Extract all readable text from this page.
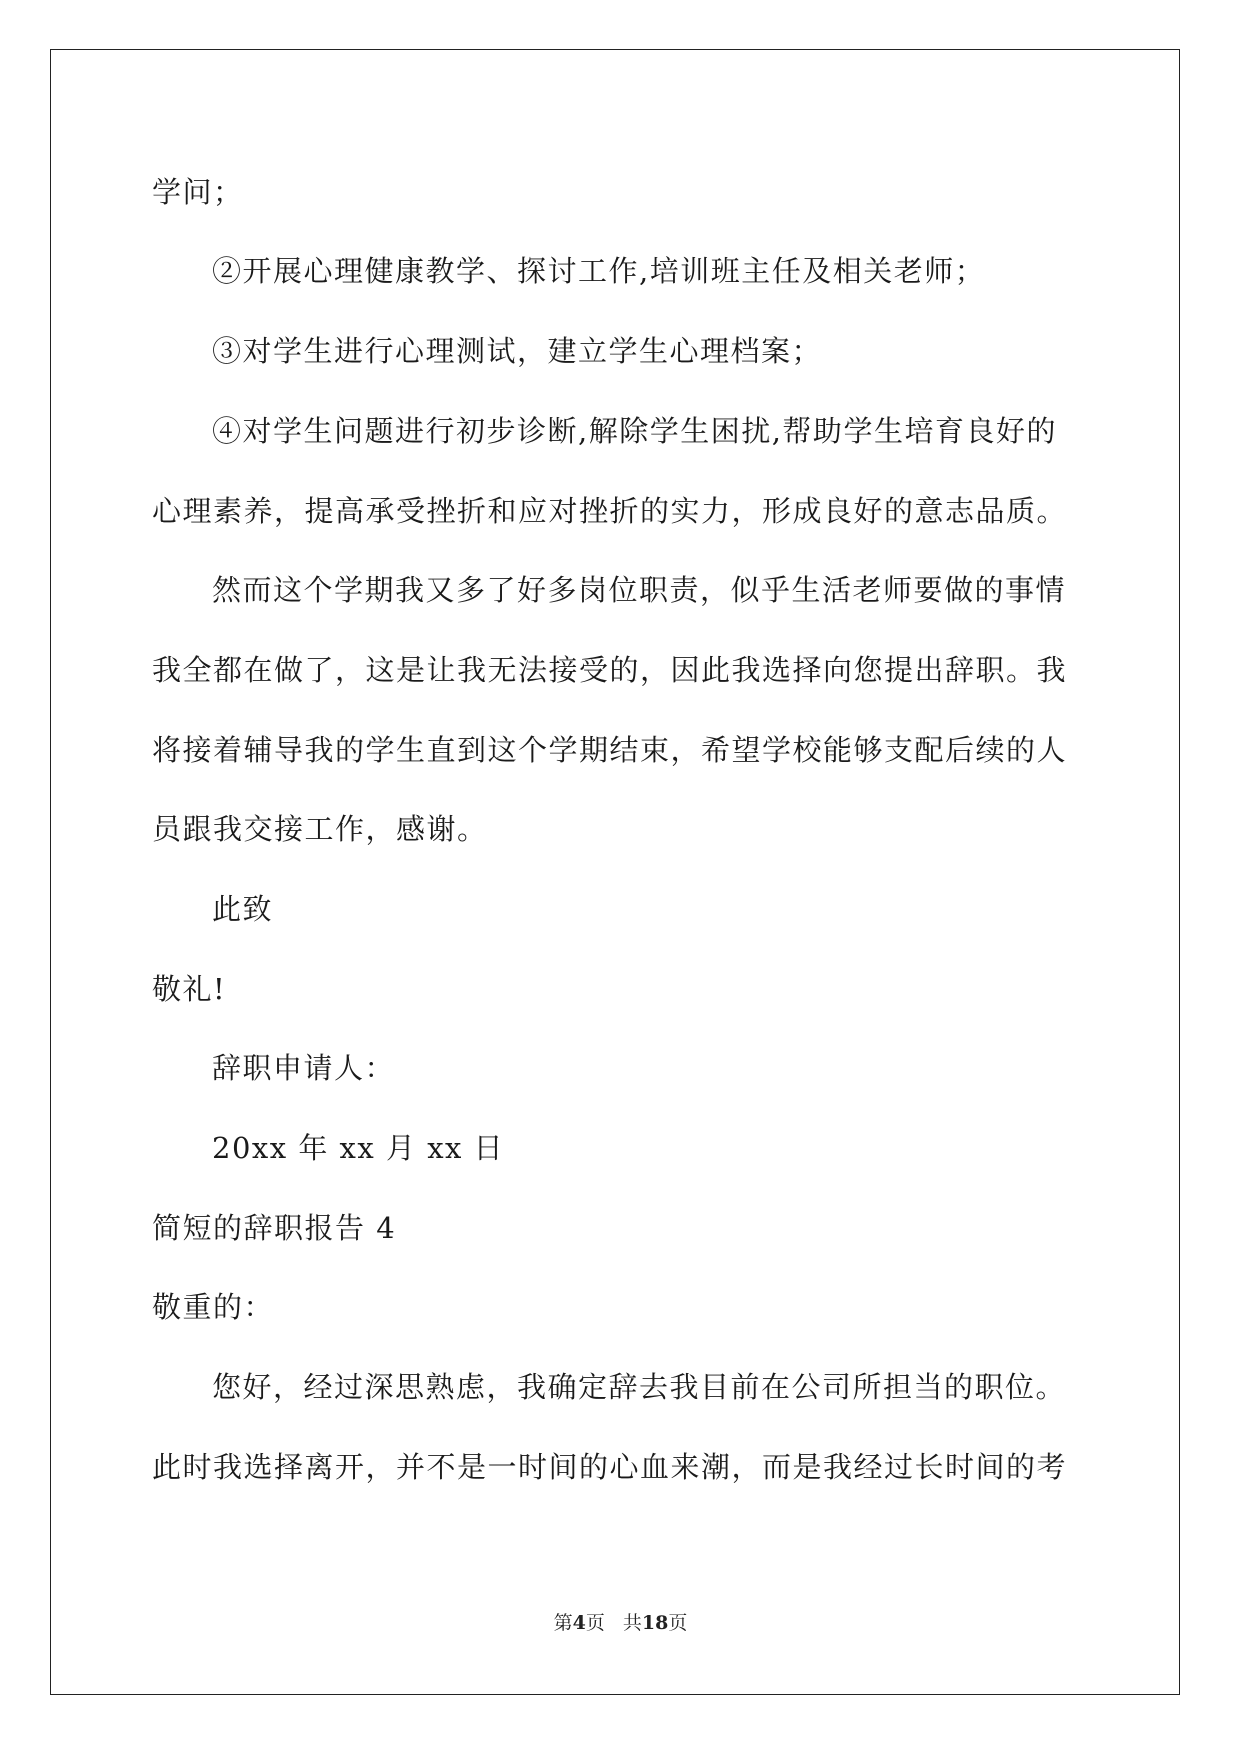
学问；
②开展心理健康教学、探讨工作,培训班主任及相关老师；
③对学生进行心理测试，建立学生心理档案；
④对学生问题进行初步诊断,解除学生困扰,帮助学生培育良好的
心理素养，提高承受挫折和应对挫折的实力，形成良好的意志品质。
然而这个学期我又多了好多岗位职责，似乎生活老师要做的事情
我全都在做了，这是让我无法接受的，因此我选择向您提出辞职。我
将接着辅导我的学生直到这个学期结束，希望学校能够支配后续的人
员跟我交接工作，感谢。
此致
敬礼!
辞职申请人：
20xx 年 xx 月 xx 日
简短的辞职报告 4
敬重的：
您好，经过深思熟虑，我确定辞去我目前在公司所担当的职位。
此时我选择离开，并不是一时间的心血来潮，而是我经过长时间的考
第4页 共18页
